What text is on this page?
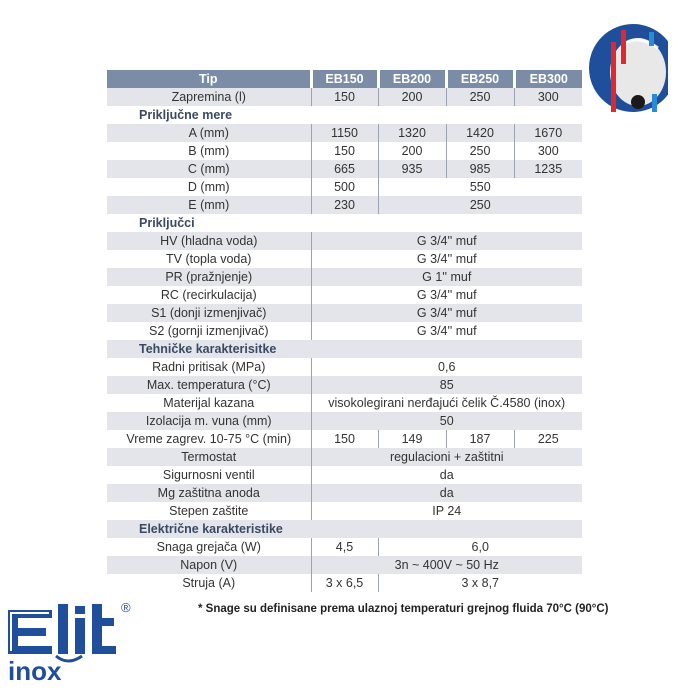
Tip	EB150	EB200	EB250	EB300
Zapremina (l)	150	200	250	300
Priključne mere				
A (mm)	1150	1320	1420	1670
B (mm)	150	200	250	300
C (mm)	665	935	985	1235
D (mm)	500	550		
E (mm)	230	250		
Priključci				
HV (hladna voda)	G 3/4'' muf			
TV (topla voda)	G 3/4'' muf			
PR (pražnjenje)	G 1'' muf			
RC (recirkulacija)	G 3/4'' muf			
S1 (donji izmenjivač)	G 3/4'' muf			
S2 (gornji izmenjivač)	G 3/4'' muf			
Tehničke karakterisitke				
Radni pritisak (MPa)	0,6			
Max. temperatura (°C)	85			
Materijal kazana	visokolegirani nerđajući čelik Č.4580 (inox)			
Izolacija m. vuna (mm)	50			
Vreme zagrev. 10-75 °C (min)	150	149	187	225
Termostat	regulacioni + zaštitni			
Sigurnosni ventil	da			
Mg zaštitna anoda	da			
Stepen zaštite	IP 24			
Električne karakteristike				
Snaga grejača (W)	4,5	6,0		
Napon (V)	3n ~ 400V ~ 50 Hz			
Struja (A)	3 x 6,5	3 x 8,7		
* Snage su definisane prema ulaznoj temperaturi grejnog fluida 70°C (90°C)
inox
®
